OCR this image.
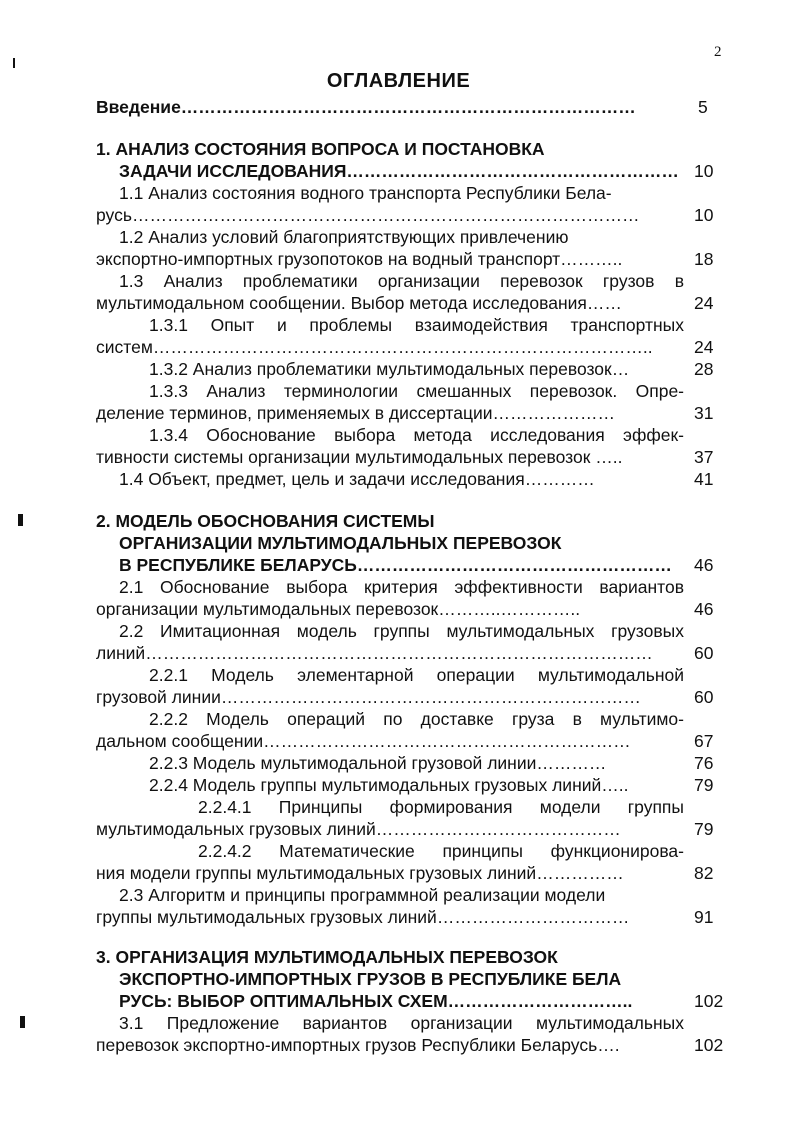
2
ОГЛАВЛЕНИЕ
Введение……………………………………………………………………	5
1. АНАЛИЗ СОСТОЯНИЯ ВОПРОСА И ПОСТАНОВКА
ЗАДАЧИ ИССЛЕДОВАНИЯ………………………………………………… 10
1.1 Анализ состояния водного транспорта Республики Бела-
русь……………………………………………………………………………	10
1.2 Анализ условий благоприятствующих привлечению
экспортно-импортных грузопотоков на водный транспорт………..	18
1.3 Анализ проблематики организации перевозок грузов в
мультимодальном сообщении. Выбор метода исследования……	24
1.3.1 Опыт и проблемы взаимодействия транспортных
систем…………………………………………………………………………..	24
1.3.2 Анализ проблематики мультимодальных перевозок…	28
1.3.3 Анализ терминологии смешанных перевозок. Опре-
деление терминов, применяемых в диссертации…………………	31
1.3.4 Обоснование выбора метода исследования эффек-
тивности системы организации мультимодальных перевозок …..	37
1.4 Объект, предмет, цель и задачи исследования…………	41
2. МОДЕЛЬ ОБОСНОВАНИЯ СИСТЕМЫ
ОРГАНИЗАЦИИ МУЛЬТИМОДАЛЬНЫХ ПЕРЕВОЗОК
В РЕСПУБЛИКЕ БЕЛАРУСЬ………………………………………………	46
2.1 Обоснование выбора критерия эффективности вариантов
организации мультимодальных перевозок………..…………..	46
2.2 Имитационная модель группы мультимодальных грузовых
линий……………………………………………………………………………	60
2.2.1 Модель элементарной операции мультимодальной
грузовой линии………………………………………………………………	60
2.2.2 Модель операций по доставке груза в мультимо-
дальном сообщении………………………………………………………	67
2.2.3 Модель мультимодальной грузовой линии…………	76
2.2.4 Модель группы мультимодальных грузовых линий…..	79
2.2.4.1 Принципы формирования модели группы
мультимодальных грузовых линий……………………………………	79
2.2.4.2 Математические принципы функционирова-
ния модели группы мультимодальных грузовых линий……………	82
2.3 Алгоритм и принципы программной реализации модели
группы мультимодальных грузовых линий……………………………	91
3. ОРГАНИЗАЦИЯ МУЛЬТИМОДАЛЬНЫХ ПЕРЕВОЗОК
ЭКСПОРТНО-ИМПОРТНЫХ ГРУЗОВ В РЕСПУБЛИКЕ БЕЛА
РУСЬ: ВЫБОР ОПТИМАЛЬНЫХ СХЕМ…………………………..	102
3.1 Предложение вариантов организации мультимодальных
перевозок экспортно-импортных грузов Республики Беларусь….	102
